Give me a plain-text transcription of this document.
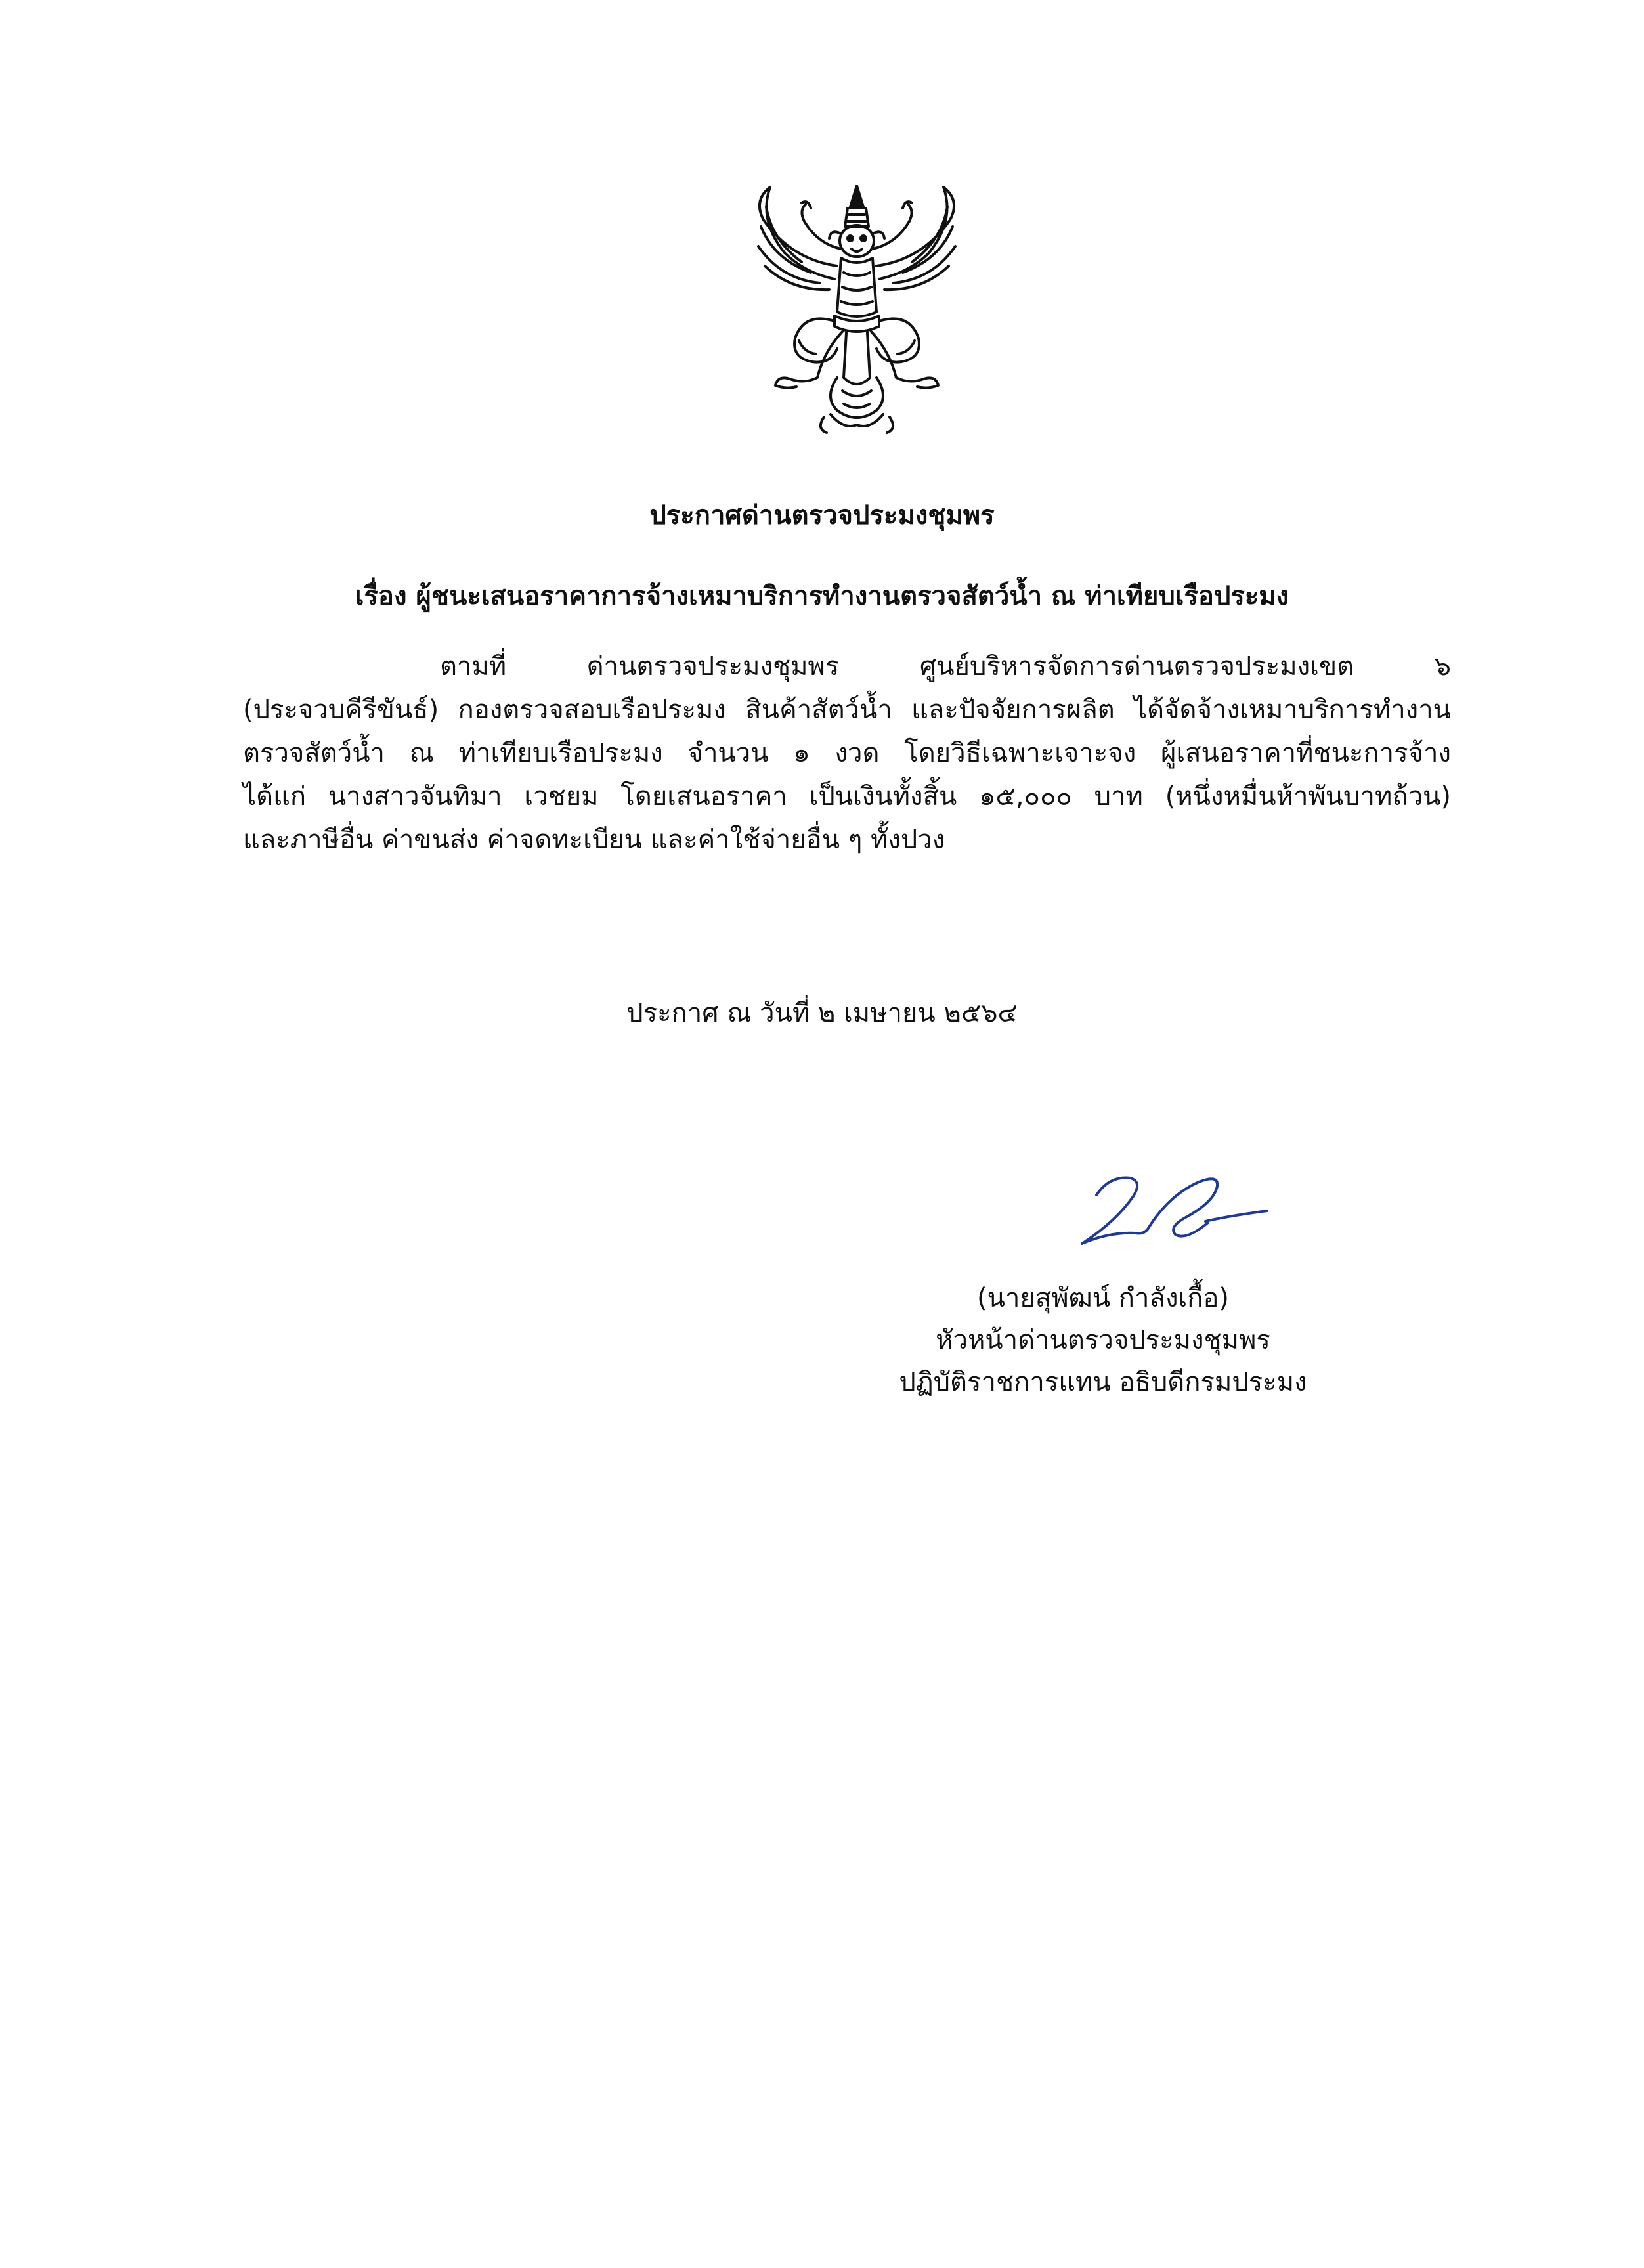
ประกาศด่านตรวจประมงชุมพร
เรื่อง ผู้ชนะเสนอราคาการจ้างเหมาบริการทำงานตรวจสัตว์น้ำ ณ ท่าเทียบเรือประมง
ตามที่ ด่านตรวจประมงชุมพร ศูนย์บริหารจัดการด่านตรวจประมงเขต ๖
(ประจวบคีรีขันธ์) กองตรวจสอบเรือประมง สินค้าสัตว์น้ำ และปัจจัยการผลิต ได้จัดจ้างเหมาบริการทำงาน
ตรวจสัตว์น้ำ ณ ท่าเทียบเรือประมง จำนวน ๑ งวด โดยวิธีเฉพาะเจาะจง ผู้เสนอราคาที่ชนะการจ้าง
ได้แก่ นางสาวจันทิมา เวชยม โดยเสนอราคา เป็นเงินทั้งสิ้น ๑๕,๐๐๐ บาท (หนึ่งหมื่นห้าพันบาทถ้วน)
และภาษีอื่น ค่าขนส่ง ค่าจดทะเบียน และค่าใช้จ่ายอื่น ๆ ทั้งปวง
ประกาศ ณ วันที่ ๒ เมษายน ๒๕๖๔
(นายสุพัฒน์ กำลังเกื้อ)
หัวหน้าด่านตรวจประมงชุมพร
ปฏิบัติราชการแทน อธิบดีกรมประมง
